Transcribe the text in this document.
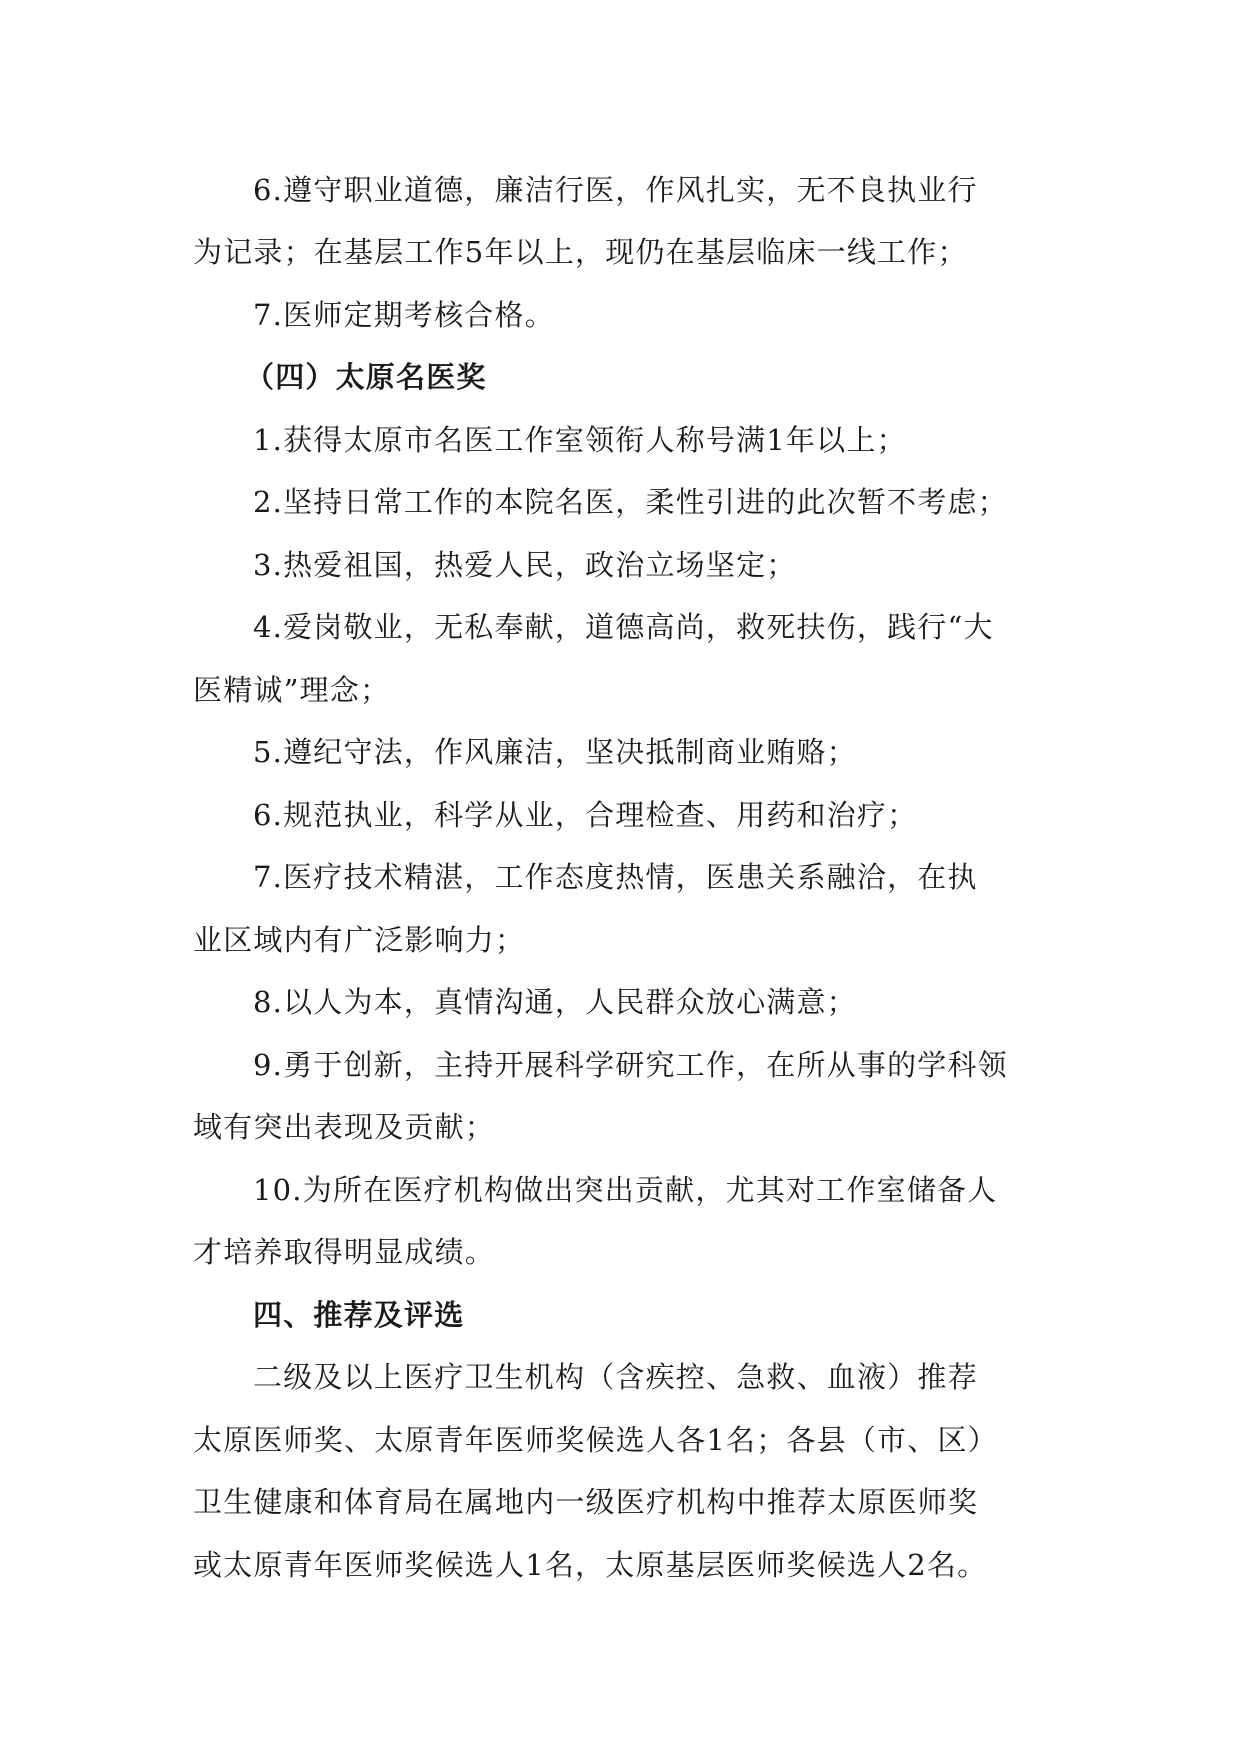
6.遵守职业道德，廉洁行医，作风扎实，无不良执业行
为记录；在基层工作5年以上，现仍在基层临床一线工作；
7.医师定期考核合格。
（四）太原名医奖
1.获得太原市名医工作室领衔人称号满1年以上；
2.坚持日常工作的本院名医，柔性引进的此次暂不考虑；
3.热爱祖国，热爱人民，政治立场坚定；
4.爱岗敬业，无私奉献，道德高尚，救死扶伤，践行“大
医精诚”理念；
5.遵纪守法，作风廉洁，坚决抵制商业贿赂；
6.规范执业，科学从业，合理检查、用药和治疗；
7.医疗技术精湛，工作态度热情，医患关系融洽，在执
业区域内有广泛影响力；
8.以人为本，真情沟通，人民群众放心满意；
9.勇于创新，主持开展科学研究工作，在所从事的学科领
域有突出表现及贡献；
10.为所在医疗机构做出突出贡献，尤其对工作室储备人
才培养取得明显成绩。
四、推荐及评选
二级及以上医疗卫生机构（含疾控、急救、血液）推荐
太原医师奖、太原青年医师奖候选人各1名；各县（市、区）
卫生健康和体育局在属地内一级医疗机构中推荐太原医师奖
或太原青年医师奖候选人1名，太原基层医师奖候选人2名。
